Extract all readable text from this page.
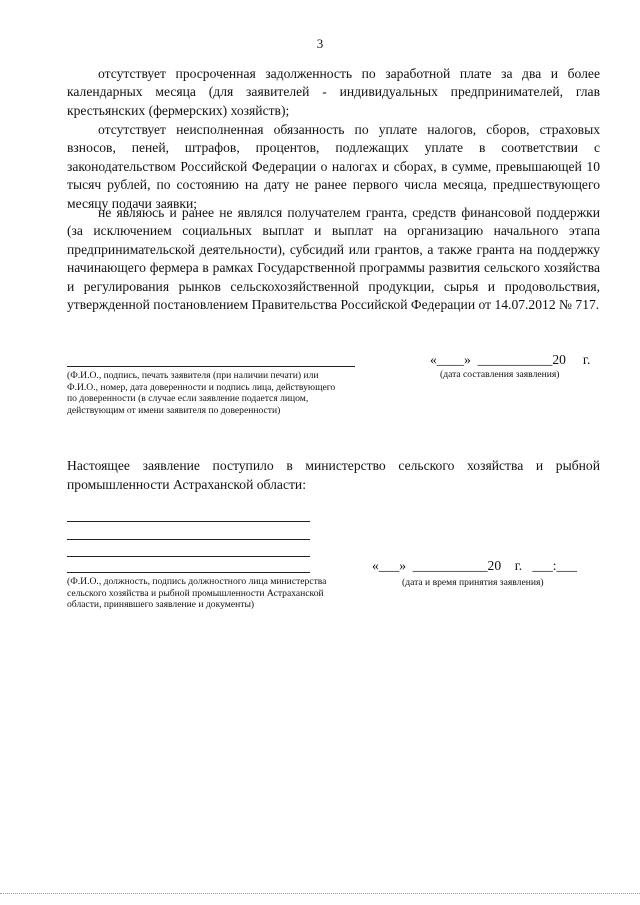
3

отсутствует просроченная задолженность по заработной плате за два и более календарных месяца (для заявителей - индивидуальных предпринимателей, глав крестьянских (фермерских) хозяйств);

отсутствует неисполненная обязанность по уплате налогов, сборов, страховых взносов, пеней, штрафов, процентов, подлежащих уплате в соответствии с законодательством Российской Федерации о налогах и сборах, в сумме, превышающей 10 тысяч рублей, по состоянию на дату не ранее первого числа месяца, предшествующего месяцу подачи заявки;

не являюсь и ранее не являлся получателем гранта, средств финансовой поддержки (за исключением социальных выплат и выплат на организацию начального этапа предпринимательской деятельности), субсидий или грантов, а также гранта на поддержку начинающего фермера в рамках Государственной программы развития сельского хозяйства и регулирования рынков сельскохозяйственной продукции, сырья и продовольствия, утвержденной постановлением Правительства Российской Федерации от 14.07.2012 № 717.

(Ф.И.О., подпись, печать заявителя (при наличии печати) или Ф.И.О., номер, дата доверенности и подпись лица, действующего по доверенности (в случае если заявление подается лицом, действующим от имени заявителя по доверенности)

«____»  ___________20     г.

(дата составления заявления)

Настоящее заявление поступило в министерство сельского хозяйства и рыбной промышленности Астраханской области:

(Ф.И.О., должность, подпись должностного лица министерства сельского хозяйства и рыбной промышленности Астраханской области, принявшего заявление и документы)

«___»  ___________20    г.   ___:___

(дата и время принятия заявления)
